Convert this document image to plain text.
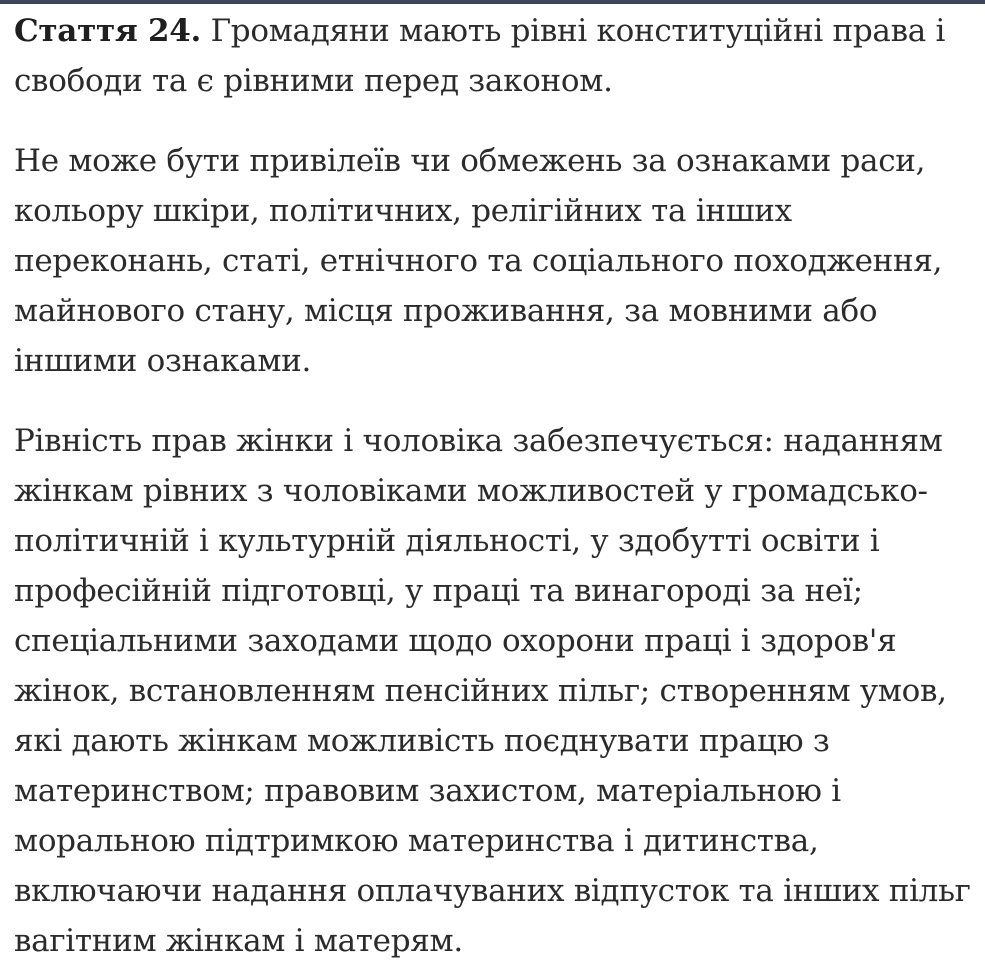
Стаття 24. Громадяни мають рівні конституційні права і свободи та є рівними перед законом.

Не може бути привілеїв чи обмежень за ознаками раси, кольору шкіри, політичних, релігійних та інших переконань, статі, етнічного та соціального походження, майнового стану, місця проживання, за мовними або іншими ознаками.

Рівність прав жінки і чоловіка забезпечується: наданням жінкам рівних з чоловіками можливостей у громадсько-політичній і культурній діяльності, у здобутті освіти і професійній підготовці, у праці та винагороді за неї; спеціальними заходами щодо охорони праці і здоров'я жінок, встановленням пенсійних пільг; створенням умов, які дають жінкам можливість поєднувати працю з материнством; правовим захистом, матеріальною і моральною підтримкою материнства і дитинства, включаючи надання оплачуваних відпусток та інших пільг вагітним жінкам і матерям.
